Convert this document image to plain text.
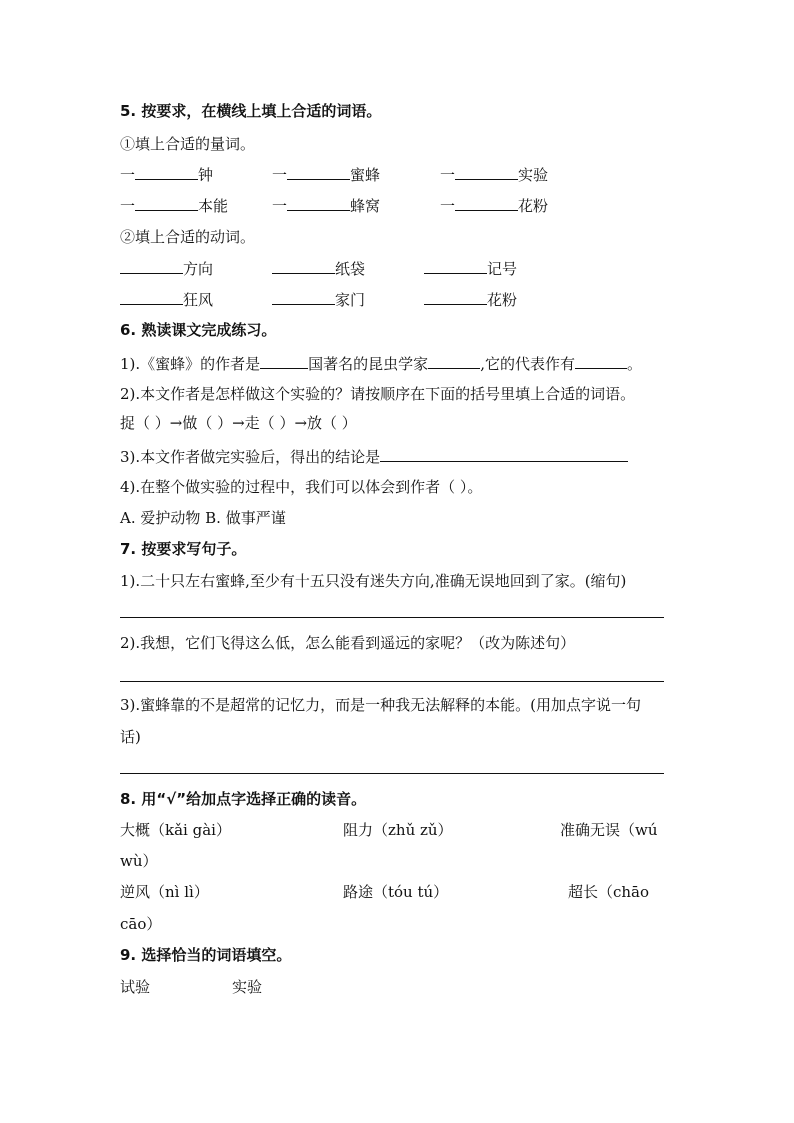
5. 按要求，在横线上填上合适的词语。
①填上合适的量词。
一	钟	一	蜜蜂	一	实验
一	本能	一	蜂窝	一	花粉
②填上合适的动词。
方向	纸袋	记号
狂风	家门	花粉
6. 熟读课文完成练习。
1).《蜜蜂》的作者是	国著名的昆虫学家	,它的代表作有	。
2).本文作者是怎样做这个实验的？请按顺序在下面的括号里填上合适的词语。
捉（ ）→做（ ）→走（ ）→放（ ）
3).本文作者做完实验后，得出的结论是
4).在整个做实验的过程中，我们可以体会到作者（ ）。
A. 爱护动物 B. 做事严谨
7. 按要求写句子。
1).二十只左右蜜蜂,至少有十五只没有迷失方向,准确无误地回到了家。(缩句)
2).我想，它们飞得这么低，怎么能看到遥远的家呢？（改为陈述句）
3).蜜蜂靠的不是超常的记忆力，而是一种我无法解释的本能。(用加点字说一句
话)
8. 用“√”给加点字选择正确的读音。
大概（kǎi gài）	阻力（zhǔ zǔ）	准确无误（wú
wù）
逆风（nì lì）	路途（tóu tú）	超长（chāo
cāo）
9. 选择恰当的词语填空。
试验	实验
